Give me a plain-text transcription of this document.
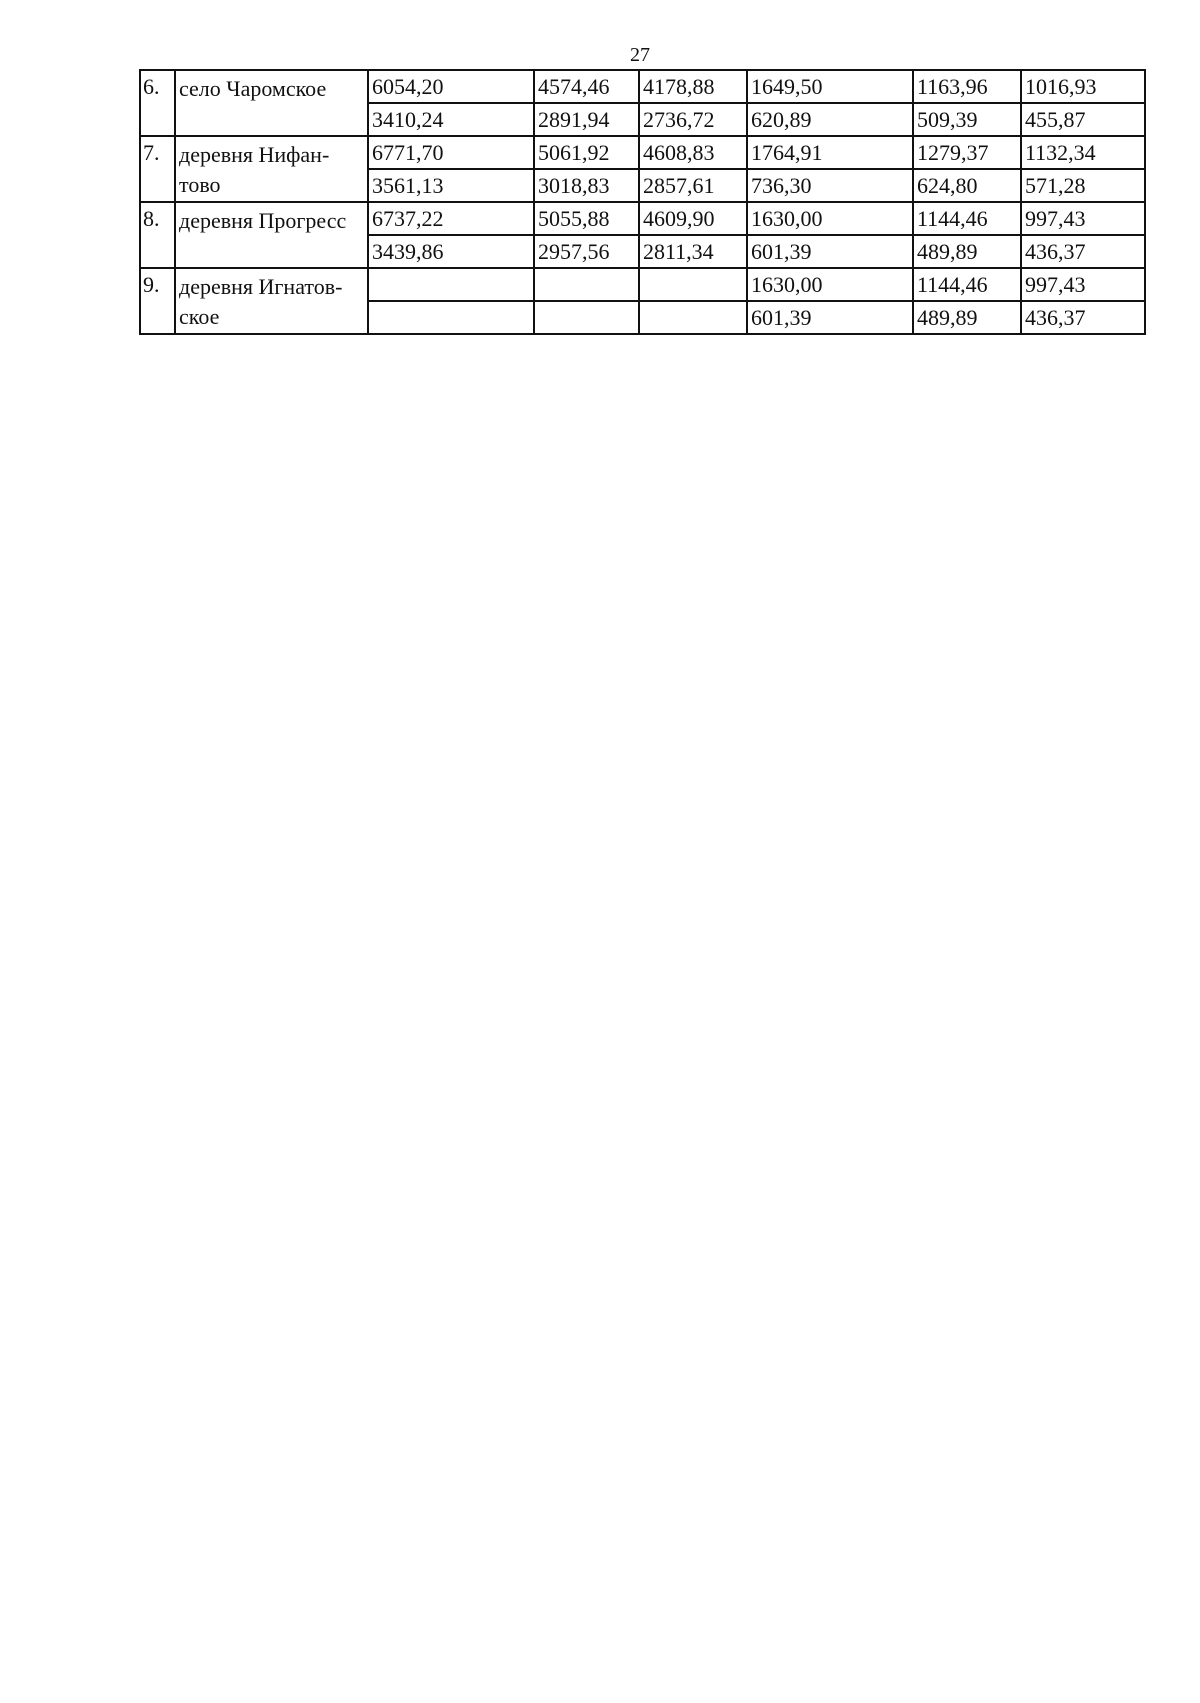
27
6.	село Чаромское	6054,20	4574,46	4178,88	1649,50	1163,96	1016,93
		3410,24	2891,94	2736,72	620,89	509,39	455,87
7.	деревня Нифан-тово	6771,70	5061,92	4608,83	1764,91	1279,37	1132,34
		3561,13	3018,83	2857,61	736,30	624,80	571,28
8.	деревня Прогресс	6737,22	5055,88	4609,90	1630,00	1144,46	997,43
		3439,86	2957,56	2811,34	601,39	489,89	436,37
9.	деревня Игнатов-ское				1630,00	1144,46	997,43
					601,39	489,89	436,37
